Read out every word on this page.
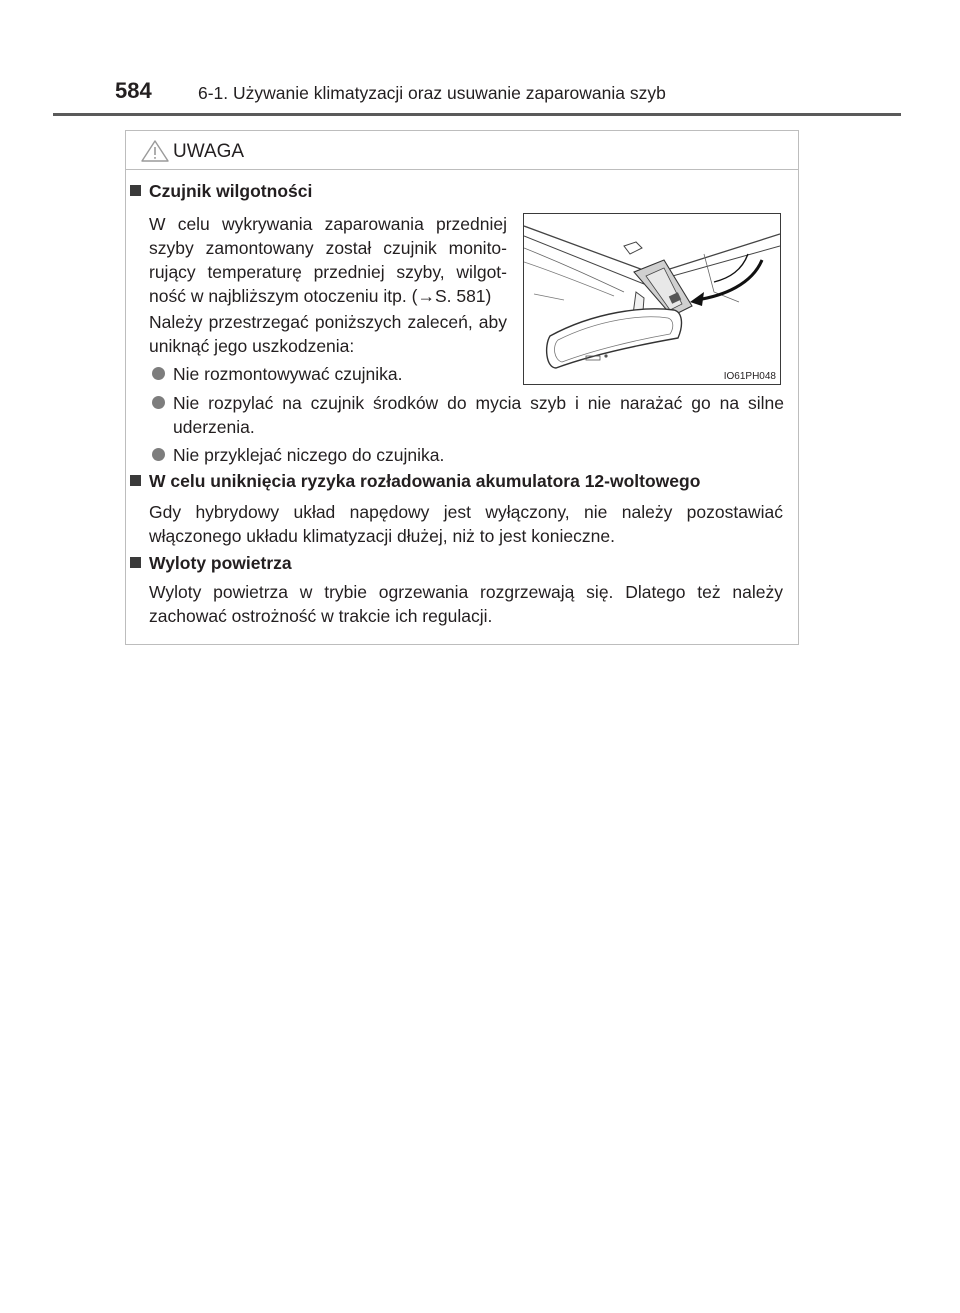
584	6-1. Używanie klimatyzacji oraz usuwanie zaparowania szyb
UWAGA
Czujnik wilgotności
W celu wykrywania zaparowania przedniej szyby zamontowany został czujnik monito-rujący temperaturę przedniej szyby, wilgot-ność w najbliższym otoczeniu itp. (→S. 581)
Należy przestrzegać poniższych zaleceń, aby uniknąć jego uszkodzenia:
Nie rozmontowywać czujnika.
Nie rozpylać na czujnik środków do mycia szyb i nie narażać go na silne uderzenia.
Nie przyklejać niczego do czujnika.
IO61PH048
W celu uniknięcia ryzyka rozładowania akumulatora 12-woltowego
Gdy hybrydowy układ napędowy jest wyłączony, nie należy pozostawiać włączonego układu klimatyzacji dłużej, niż to jest konieczne.
Wyloty powietrza
Wyloty powietrza w trybie ogrzewania rozgrzewają się. Dlatego też należy zachować ostrożność w trakcie ich regulacji.
